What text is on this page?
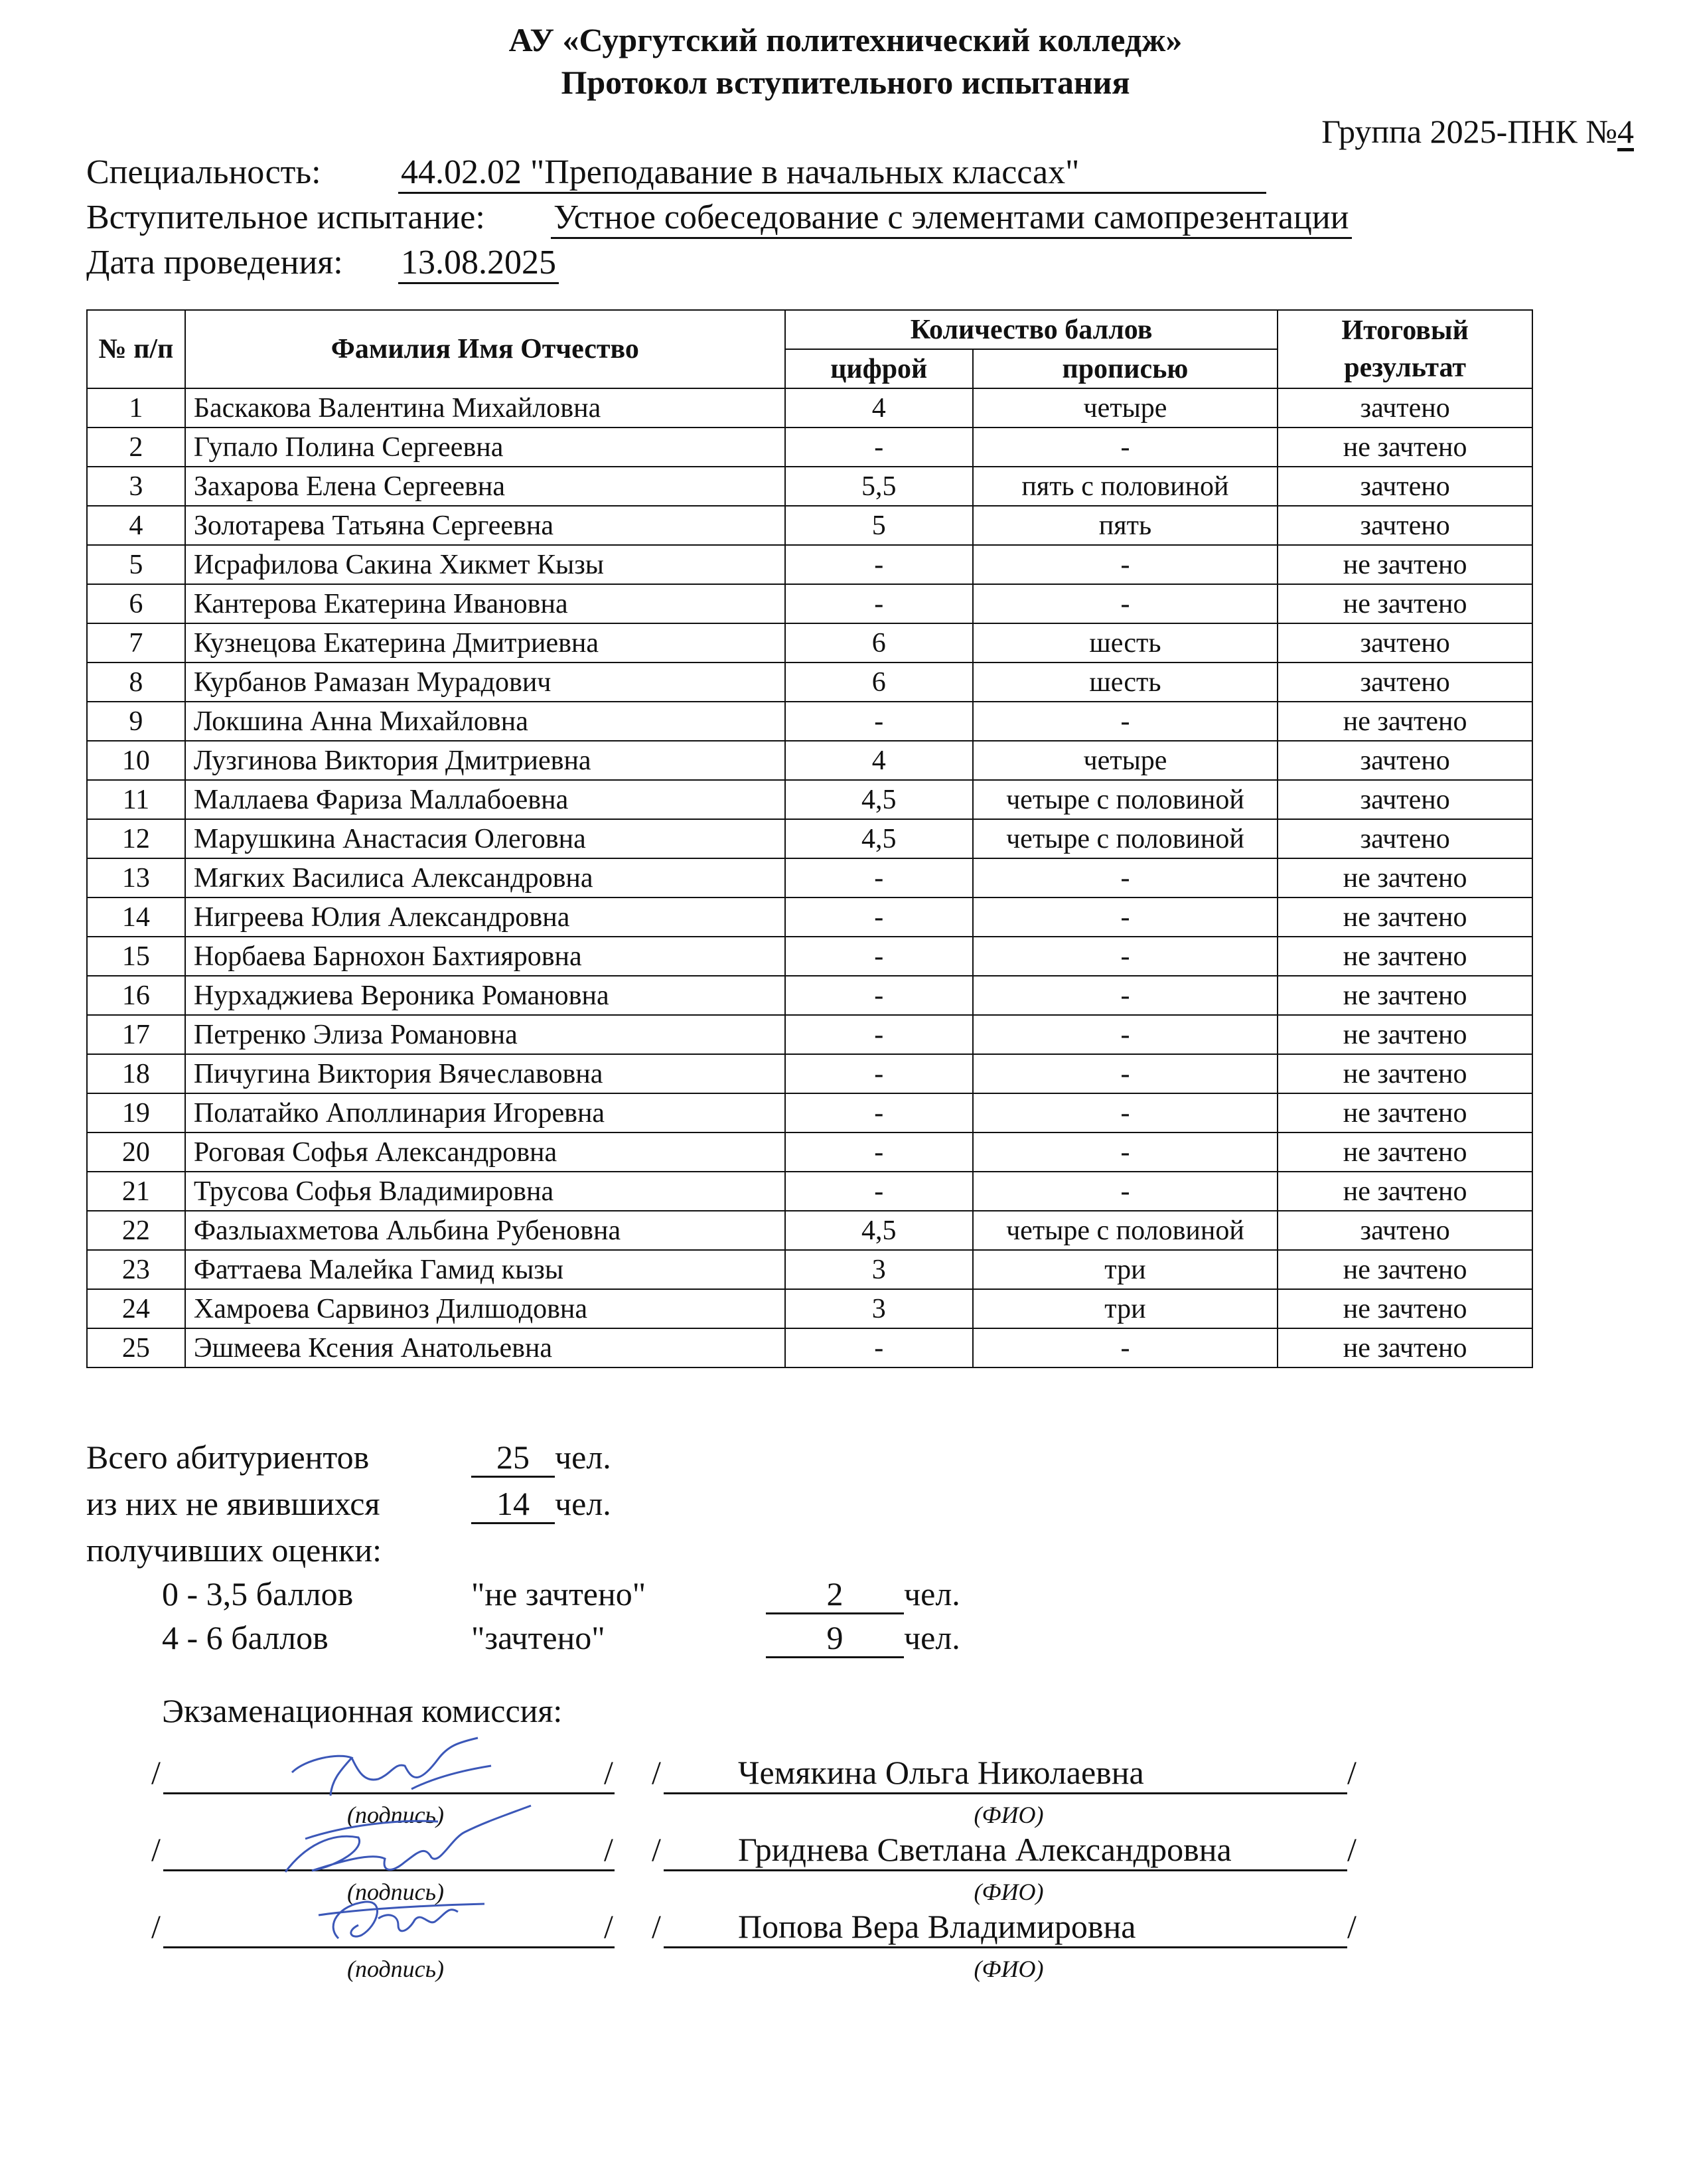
АУ «Сургутский политехнический колледж»
Протокол вступительного испытания
Группа 2025-ПНК №4
Специальность: 44.02.02 "Преподавание в начальных классах"
Вступительное испытание: Устное собеседование с элементами самопрезентации
Дата проведения: 13.08.2025
№ п/п	Фамилия Имя Отчество	Количество баллов		Итоговый результат
		цифрой	прописью	
1	Баскакова Валентина Михайловна	4	четыре	зачтено
2	Гупало Полина Сергеевна	-	-	не зачтено
3	Захарова Елена Сергеевна	5,5	пять с половиной	зачтено
4	Золотарева Татьяна Сергеевна	5	пять	зачтено
5	Исрафилова Сакина Хикмет Кызы	-	-	не зачтено
6	Кантерова Екатерина Ивановна	-	-	не зачтено
7	Кузнецова Екатерина Дмитриевна	6	шесть	зачтено
8	Курбанов Рамазан Мурадович	6	шесть	зачтено
9	Локшина Анна Михайловна	-	-	не зачтено
10	Лузгинова Виктория Дмитриевна	4	четыре	зачтено
11	Маллаева Фариза Маллабоевна	4,5	четыре с половиной	зачтено
12	Марушкина Анастасия Олеговна	4,5	четыре с половиной	зачтено
13	Мягких Василиса Александровна	-	-	не зачтено
14	Нигреева Юлия Александровна	-	-	не зачтено
15	Норбаева Барнохон Бахтияровна	-	-	не зачтено
16	Нурхаджиева Вероника Романовна	-	-	не зачтено
17	Петренко Элиза Романовна	-	-	не зачтено
18	Пичугина Виктория Вячеславовна	-	-	не зачтено
19	Полатайко Аполлинария Игоревна	-	-	не зачтено
20	Роговая Софья Александровна	-	-	не зачтено
21	Трусова Софья Владимировна	-	-	не зачтено
22	Фазлыахметова Альбина Рубеновна	4,5	четыре с половиной	зачтено
23	Фаттаева Малейка Гамид кызы	3	три	не зачтено
24	Хамроева Сарвиноз Дилшодовна	3	три	не зачтено
25	Эшмеева Ксения Анатольевна	-	-	не зачтено
Всего абитуриентов	25 чел.
из них не явившихся	14 чел.
получивших оценки:
0 - 3,5 баллов	"не зачтено"	2 чел.
4 - 6 баллов	"зачтено"	9 чел.
Экзаменационная комиссия:
/	/ / Чемякина Ольга Николаевна	/
(подпись)	(ФИО)
/	/ / Гриднева Светлана Александровна	/
(подпись)	(ФИО)
/	/ / Попова Вера Владимировна	/
(подпись)	(ФИО)
